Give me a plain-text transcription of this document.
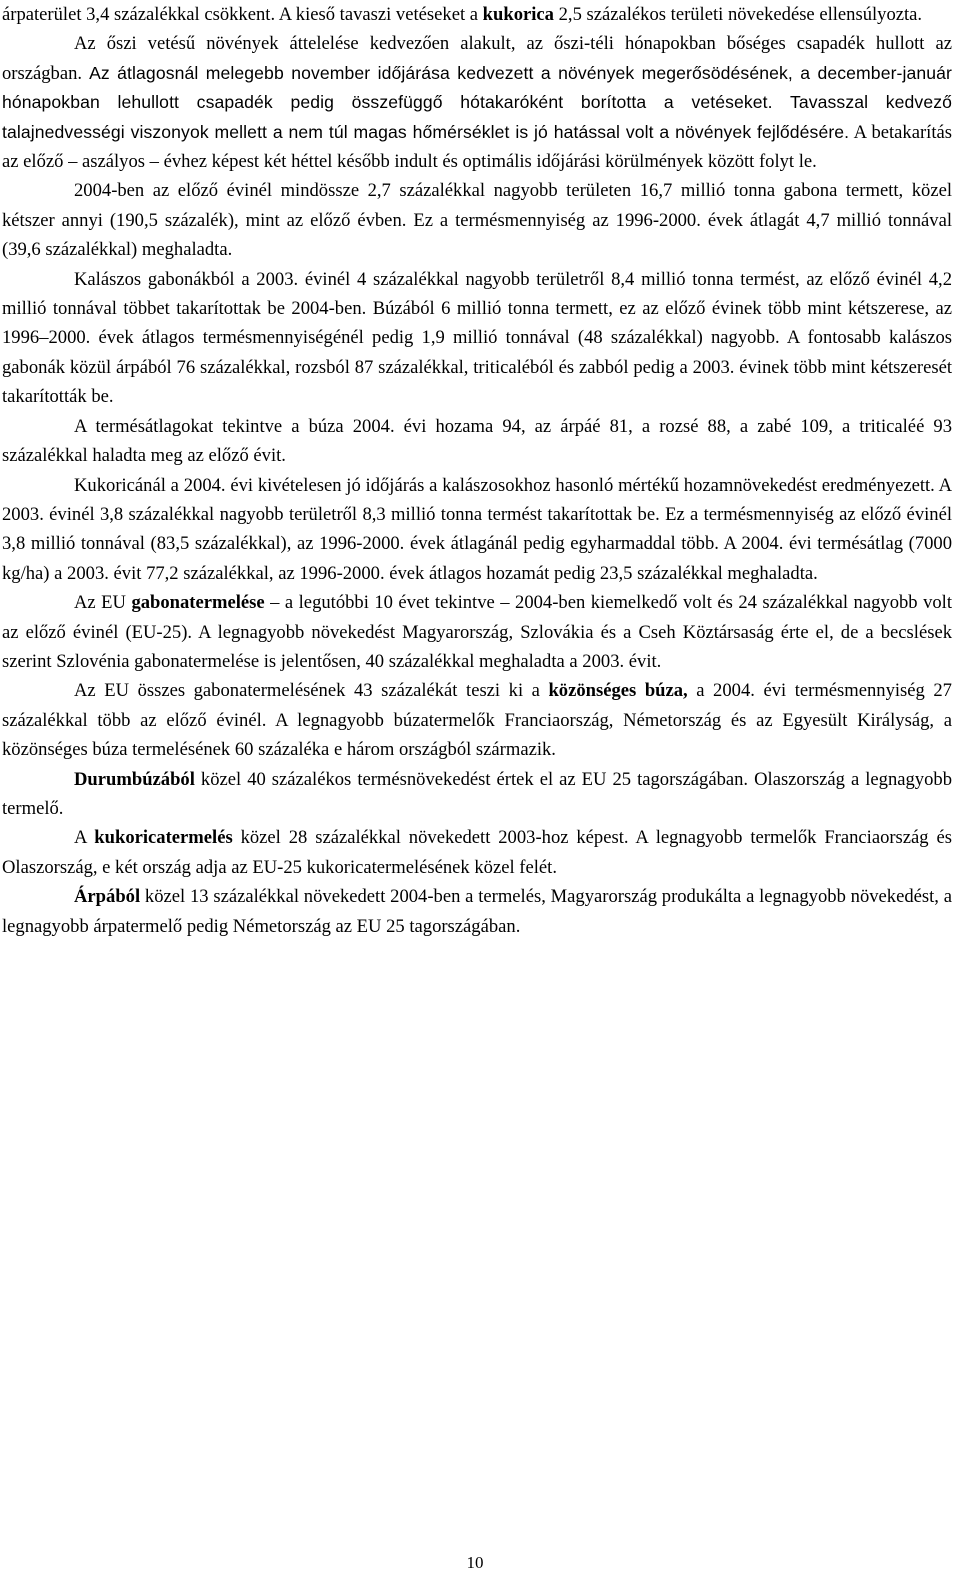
árpaterület 3,4 százalékkal csökkent. A kieső tavaszi vetéseket a kukorica 2,5 százalékos területi növekedése ellensúlyozta.

Az őszi vetésű növények áttelelése kedvezően alakult, az őszi-téli hónapokban bőséges csapadék hullott az országban. Az átlagosnál melegebb november időjárása kedvezett a növények megerősödésének, a december-január hónapokban lehullott csapadék pedig összefüggő hótakaróként borította a vetéseket. Tavasszal kedvező talajnedvességi viszonyok mellett a nem túl magas hőmérséklet is jó hatással volt a növények fejlődésére. A betakarítás az előző – aszályos – évhez képest két héttel később indult és optimális időjárási körülmények között folyt le.

2004-ben az előző évinél mindössze 2,7 százalékkal nagyobb területen 16,7 millió tonna gabona termett, közel kétszer annyi (190,5 százalék), mint az előző évben. Ez a termésmennyiség az 1996-2000. évek átlagát 4,7 millió tonnával (39,6 százalékkal) meghaladta.

Kalászos gabonákból a 2003. évinél 4 százalékkal nagyobb területről 8,4 millió tonna termést, az előző évinél 4,2 millió tonnával többet takarítottak be 2004-ben. Búzából 6 millió tonna termett, ez az előző évinek több mint kétszerese, az 1996–2000. évek átlagos termésmennyiségénél pedig 1,9 millió tonnával (48 százalékkal) nagyobb. A fontosabb kalászos gabonák közül árpából 76 százalékkal, rozsból 87 százalékkal, triticaléból és zabból pedig a 2003. évinek több mint kétszeresét takarították be.

A termésátlagokat tekintve a búza 2004. évi hozama 94, az árpáé 81, a rozsé 88, a zabé 109, a triticaléé 93 százalékkal haladta meg az előző évit.

Kukoricánál a 2004. évi kivételesen jó időjárás a kalászosokhoz hasonló mértékű hozamnövekedést eredményezett. A 2003. évinél 3,8 százalékkal nagyobb területről 8,3 millió tonna termést takarítottak be. Ez a termésmennyiség az előző évinél 3,8 millió tonnával (83,5 százalékkal), az 1996-2000. évek átlagánál pedig egyharmaddal több. A 2004. évi termésátlag (7000 kg/ha) a 2003. évit 77,2 százalékkal, az 1996-2000. évek átlagos hozamát pedig 23,5 százalékkal meghaladta.

Az EU gabonatermelése – a legutóbbi 10 évet tekintve – 2004-ben kiemelkedő volt és 24 százalékkal nagyobb volt az előző évinél (EU-25). A legnagyobb növekedést Magyarország, Szlovákia és a Cseh Köztársaság érte el, de a becslések szerint Szlovénia gabonatermelése is jelentősen, 40 százalékkal meghaladta a 2003. évit.

Az EU összes gabonatermelésének 43 százalékát teszi ki a közönséges búza, a 2004. évi termésmennyiség 27 százalékkal több az előző évinél. A legnagyobb búzatermelők Franciaország, Németország és az Egyesült Királyság, a közönséges búza termelésének 60 százaléka e három országból származik.

Durumbúzából közel 40 százalékos termésnövekedést értek el az EU 25 tagországában. Olaszország a legnagyobb termelő.

A kukoricatermelés közel 28 százalékkal növekedett 2003-hoz képest. A legnagyobb termelők Franciaország és Olaszország, e két ország adja az EU-25 kukoricatermelésének közel felét.

Árpából közel 13 százalékkal növekedett 2004-ben a termelés, Magyarország produkálta a legnagyobb növekedést, a legnagyobb árpatermelő pedig Németország az EU 25 tagországában.

10
